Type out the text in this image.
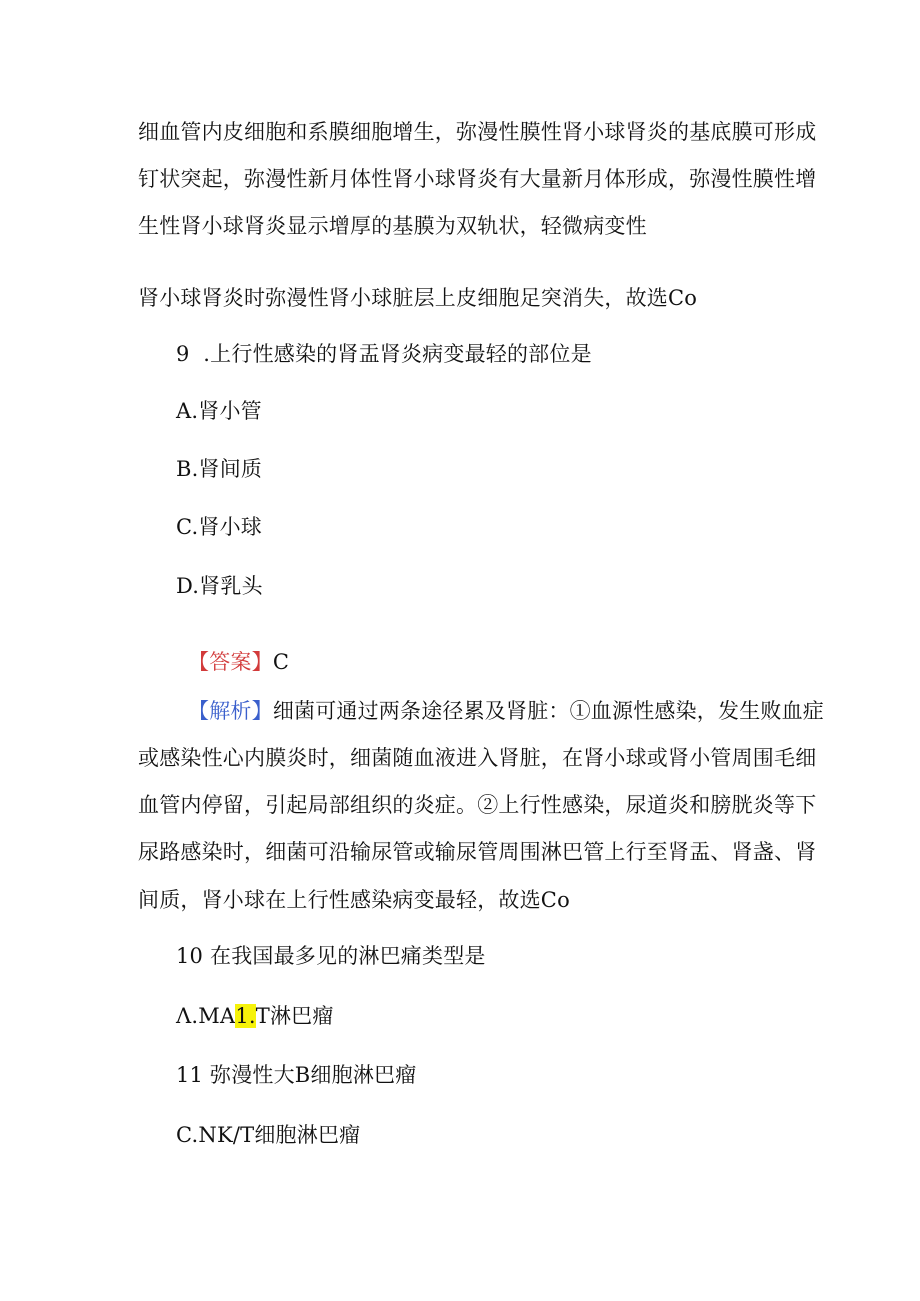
细血管内皮细胞和系膜细胞增生，弥漫性膜性肾小球肾炎的基底膜可形成
钉状突起，弥漫性新月体性肾小球肾炎有大量新月体形成，弥漫性膜性增
生性肾小球肾炎显示增厚的基膜为双轨状，轻微病变性
肾小球肾炎时弥漫性肾小球脏层上皮细胞足突消失，故选Co
9  .上行性感染的肾盂肾炎病变最轻的部位是
A.肾小管
B.肾间质
C.肾小球
D.肾乳头
【答案】C
【解析】细菌可通过两条途径累及肾脏：①血源性感染，发生败血症
或感染性心内膜炎时，细菌随血液进入肾脏，在肾小球或肾小管周围毛细
血管内停留，引起局部组织的炎症。②上行性感染，尿道炎和膀胱炎等下
尿路感染时，细菌可沿输尿管或输尿管周围淋巴管上行至肾盂、肾盏、肾
间质，肾小球在上行性感染病变最轻，故选Co
10 在我国最多见的淋巴痛类型是
Λ.MA1.T淋巴瘤
11 弥漫性大B细胞淋巴瘤
C.NK/T细胞淋巴瘤
